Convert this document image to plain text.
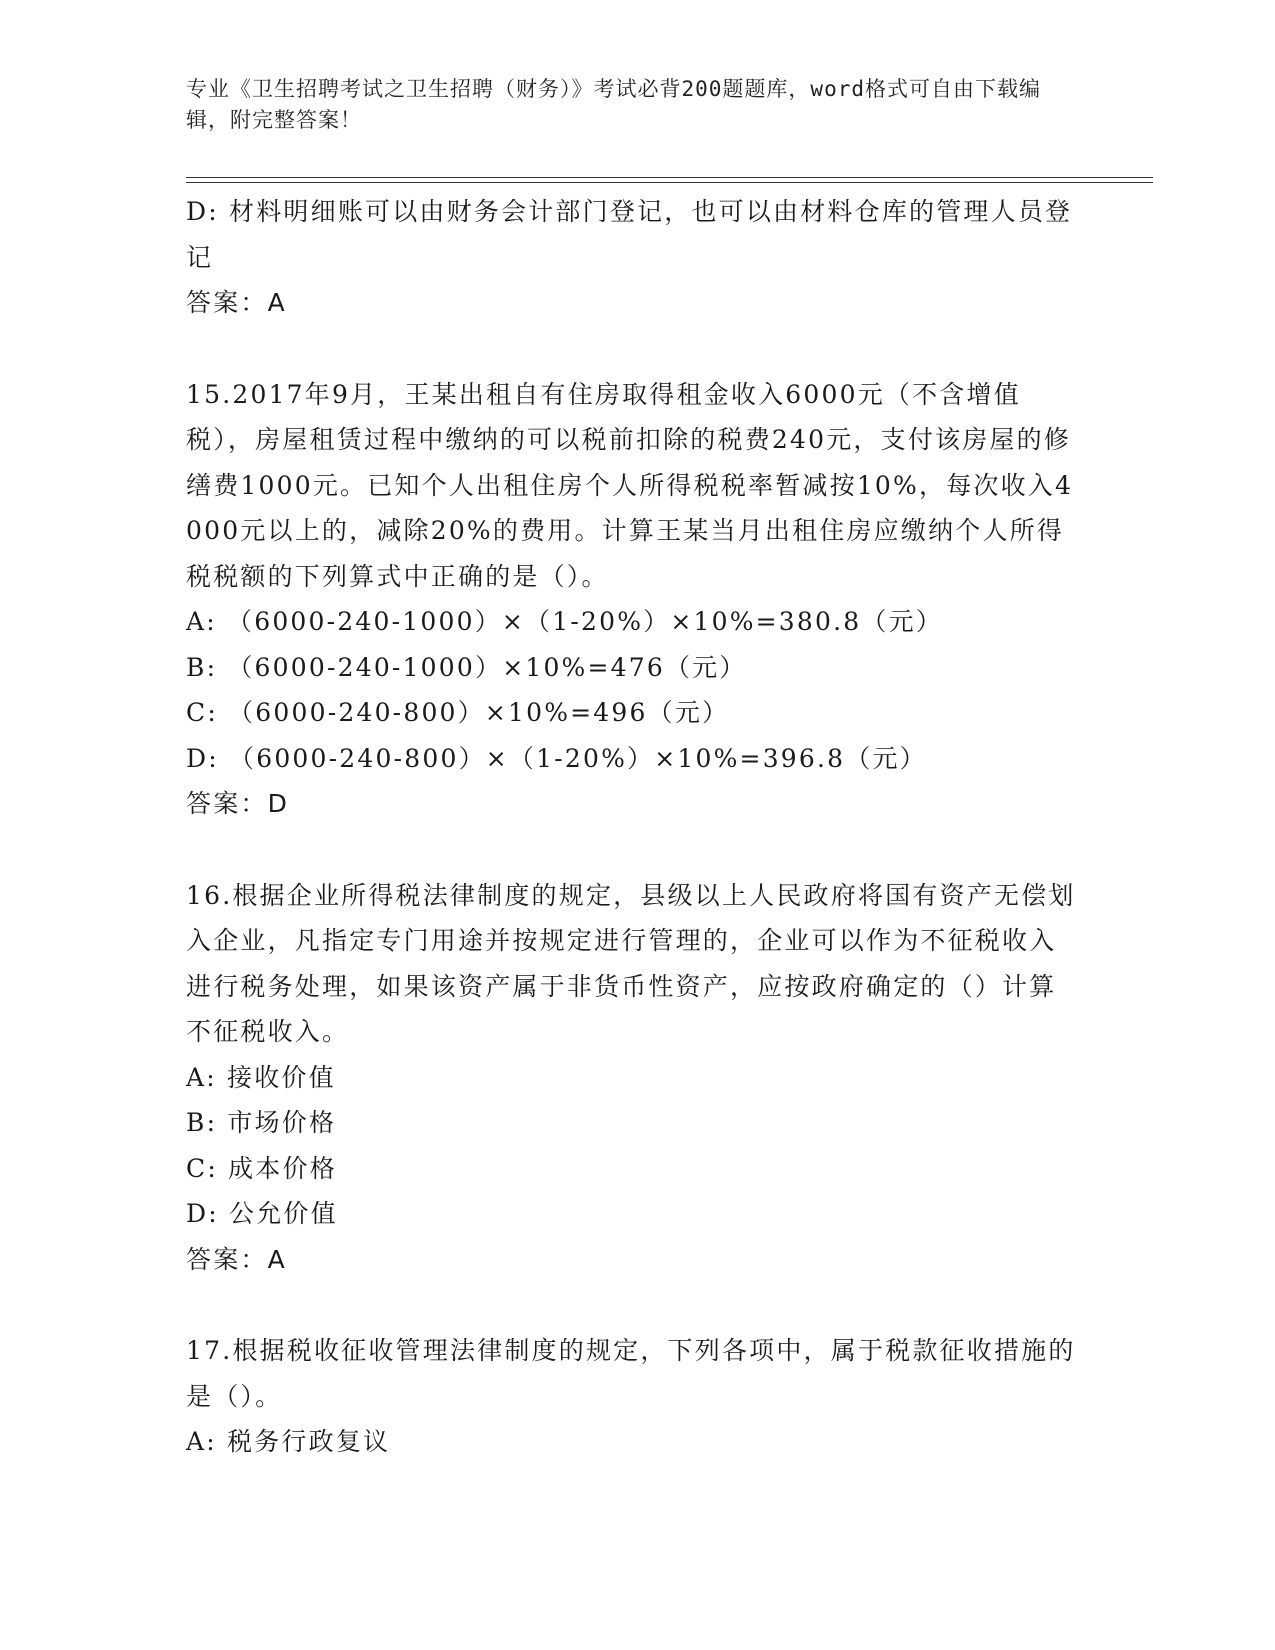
专业《卫生招聘考试之卫生招聘（财务）》考试必背200题题库，word格式可自由下载编辑，附完整答案！
D: 材料明细账可以由财务会计部门登记，也可以由材料仓库的管理人员登记
答案：A
15.2017年9月，王某出租自有住房取得租金收入6000元（不含增值税），房屋租赁过程中缴纳的可以税前扣除的税费240元，支付该房屋的修缮费1000元。已知个人出租住房个人所得税税率暂减按10%，每次收入4000元以上的，减除20%的费用。计算王某当月出租住房应缴纳个人所得税税额的下列算式中正确的是（）。
A: （6000-240-1000）×（1-20%）×10%=380.8（元）
B: （6000-240-1000）×10%=476（元）
C: （6000-240-800）×10%=496（元）
D: （6000-240-800）×（1-20%）×10%=396.8（元）
答案：D
16.根据企业所得税法律制度的规定，县级以上人民政府将国有资产无偿划入企业，凡指定专门用途并按规定进行管理的，企业可以作为不征税收入进行税务处理，如果该资产属于非货币性资产，应按政府确定的（）计算不征税收入。
A: 接收价值
B: 市场价格
C: 成本价格
D: 公允价值
答案：A
17.根据税收征收管理法律制度的规定，下列各项中，属于税款征收措施的是（）。
A: 税务行政复议
